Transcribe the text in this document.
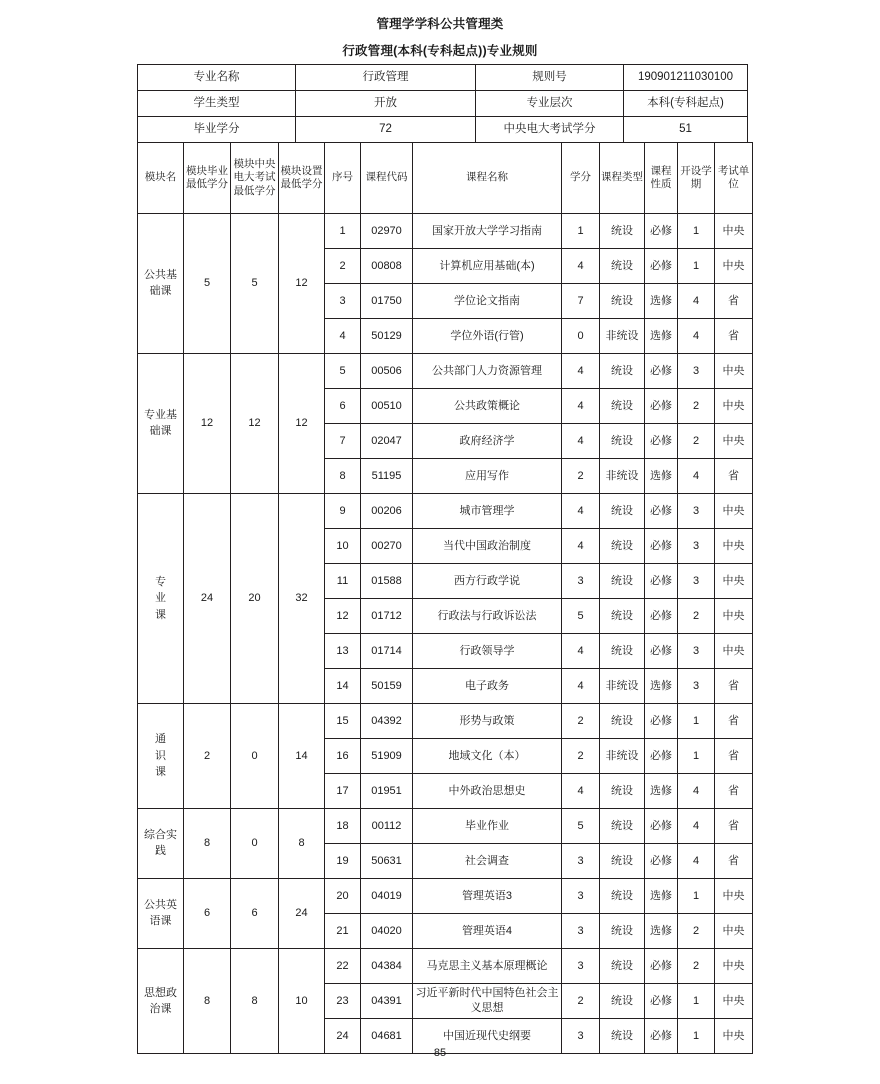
管理学学科公共管理类
行政管理(本科(专科起点))专业规则
专业名称	行政管理	规则号	190901211030100
学生类型	开放	专业层次	本科(专科起点)
毕业学分	72	中央电大考试学分	51
模块名	模块毕业最低学分	模块中央电大考试最低学分	模块设置最低学分	序号	课程代码	课程名称	学分	课程类型	课程性质	开设学期	考试单位
公共基础课	5	5	12	1	02970	国家开放大学学习指南	1	统设	必修	1	中央
				2	00808	计算机应用基础(本)	4	统设	必修	1	中央
				3	01750	学位论文指南	7	统设	选修	4	省
				4	50129	学位外语(行管)	0	非统设	选修	4	省
专业基础课	12	12	12	5	00506	公共部门人力资源管理	4	统设	必修	3	中央
				6	00510	公共政策概论	4	统设	必修	2	中央
				7	02047	政府经济学	4	统设	必修	2	中央
				8	51195	应用写作	2	非统设	选修	4	省
专业课	24	20	32	9	00206	城市管理学	4	统设	必修	3	中央
				10	00270	当代中国政治制度	4	统设	必修	3	中央
				11	01588	西方行政学说	3	统设	必修	3	中央
				12	01712	行政法与行政诉讼法	5	统设	必修	2	中央
				13	01714	行政领导学	4	统设	必修	3	中央
				14	50159	电子政务	4	非统设	选修	3	省
通识课	2	0	14	15	04392	形势与政策	2	统设	必修	1	省
				16	51909	地域文化（本）	2	非统设	必修	1	省
				17	01951	中外政治思想史	4	统设	选修	4	省
综合实践	8	0	8	18	00112	毕业作业	5	统设	必修	4	省
				19	50631	社会调查	3	统设	必修	4	省
公共英语课	6	6	24	20	04019	管理英语3	3	统设	选修	1	中央
				21	04020	管理英语4	3	统设	选修	2	中央
思想政治课	8	8	10	22	04384	马克思主义基本原理概论	3	统设	必修	2	中央
				23	04391	习近平新时代中国特色社会主义思想	2	统设	必修	1	中央
				24	04681	中国近现代史纲要	3	统设	必修	1	中央
85
